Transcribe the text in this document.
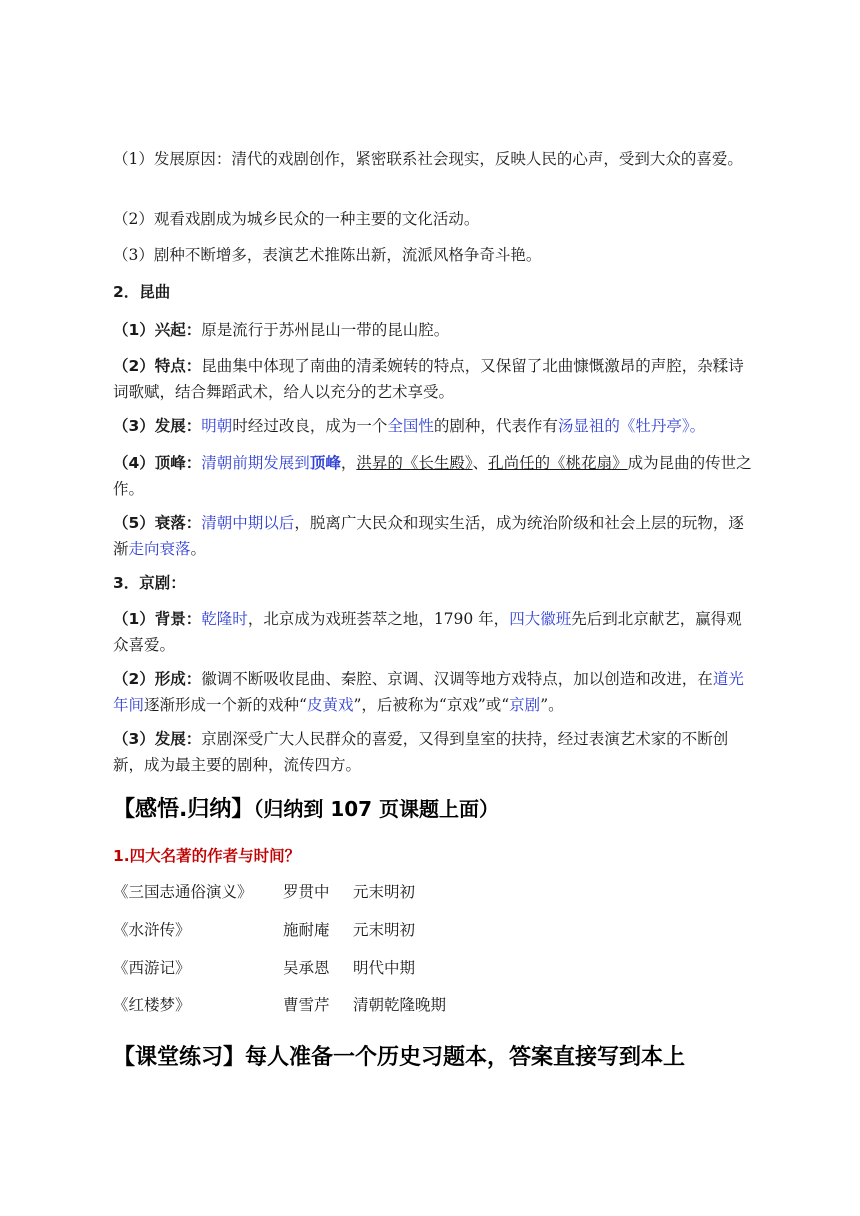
（1）发展原因：清代的戏剧创作，紧密联系社会现实，反映人民的心声，受到大众的喜爱。

（2）观看戏剧成为城乡民众的一种主要的文化活动。

（3）剧种不断增多，表演艺术推陈出新，流派风格争奇斗艳。

2．昆曲

（1）兴起：原是流行于苏州昆山一带的昆山腔。

（2）特点：昆曲集中体现了南曲的清柔婉转的特点，又保留了北曲慷慨激昂的声腔，杂糅诗词歌赋，结合舞蹈武术，给人以充分的艺术享受。

（3）发展：明朝时经过改良，成为一个全国性的剧种，代表作有汤显祖的《牡丹亭》。

（4）顶峰：清朝前期发展到顶峰，洪昇的《长生殿》、孔尚任的《桃花扇》成为昆曲的传世之作。

（5）衰落：清朝中期以后，脱离广大民众和现实生活，成为统治阶级和社会上层的玩物，逐渐走向衰落。

3．京剧：

（1）背景：乾隆时，北京成为戏班荟萃之地，1790 年，四大徽班先后到北京献艺，赢得观众喜爱。

（2）形成：徽调不断吸收昆曲、秦腔、京调、汉调等地方戏特点，加以创造和改进，在道光年间逐渐形成一个新的戏种“皮黄戏”，后被称为“京戏”或“京剧”。

（3）发展：京剧深受广大人民群众的喜爱，又得到皇室的扶持，经过表演艺术家的不断创新，成为最主要的剧种，流传四方。

【感悟.归纳】（归纳到 107 页课题上面）

1.四大名著的作者与时间？

《三国志通俗演义》 罗贯中 元末明初
《水浒传》	施耐庵 元末明初
《西游记》	吴承恩 明代中期
《红楼梦》	曹雪芹 清朝乾隆晚期

【课堂练习】每人准备一个历史习题本，答案直接写到本上
